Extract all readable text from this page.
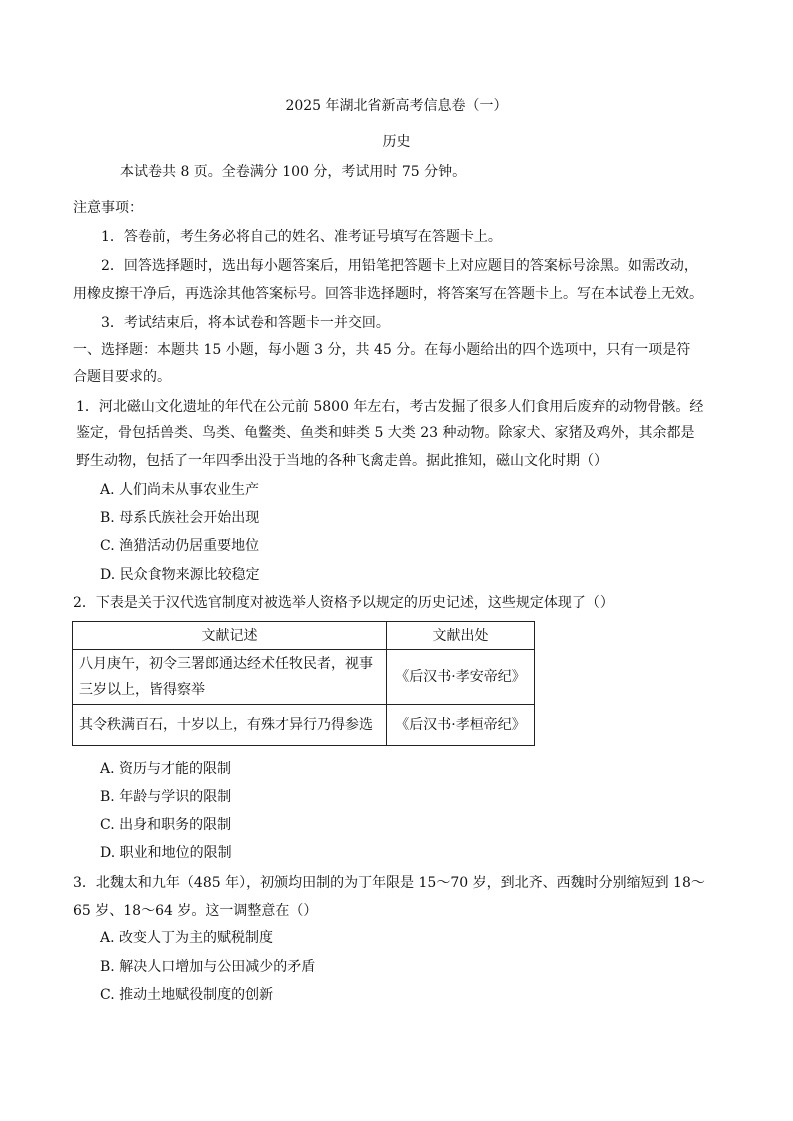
2025 年湖北省新高考信息卷（一）
历史
本试卷共 8 页。全卷满分 100 分，考试用时 75 分钟。
注意事项：
1．答卷前，考生务必将自己的姓名、准考证号填写在答题卡上。
2．回答选择题时，选出每小题答案后，用铅笔把答题卡上对应题目的答案标号涂黑。如需改动，
用橡皮擦干净后，再选涂其他答案标号。回答非选择题时，将答案写在答题卡上。写在本试卷上无效。
3．考试结束后，将本试卷和答题卡一并交回。
一、选择题：本题共 15 小题，每小题 3 分，共 45 分。在每小题给出的四个选项中，只有一项是符
合题目要求的。
1．河北磁山文化遗址的年代在公元前 5800 年左右，考古发掘了很多人们食用后废弃的动物骨骸。经
鉴定，骨包括兽类、鸟类、龟鳖类、鱼类和蚌类 5 大类 23 种动物。除家犬、家猪及鸡外，其余都是
野生动物，包括了一年四季出没于当地的各种飞禽走兽。据此推知，磁山文化时期（）
A. 人们尚未从事农业生产
B. 母系氏族社会开始出现
C. 渔猎活动仍居重要地位
D. 民众食物来源比较稳定
2．下表是关于汉代选官制度对被选举人资格予以规定的历史记述，这些规定体现了（）
文献记述	文献出处

八月庚午，初令三署郎通达经术任牧民者，视事
三岁以上，皆得察举	《后汉书·孝安帝纪》
其令秩满百石，十岁以上，有殊才异行乃得参选	《后汉书·孝桓帝纪》
A. 资历与才能的限制
B. 年龄与学识的限制
C. 出身和职务的限制
D. 职业和地位的限制
3．北魏太和九年（485 年），初颁均田制的为丁年限是 15～70 岁，到北齐、西魏时分别缩短到 18～
65 岁、18～64 岁。这一调整意在（）
A. 改变人丁为主的赋税制度
B. 解决人口增加与公田减少的矛盾
C. 推动土地赋役制度的创新
